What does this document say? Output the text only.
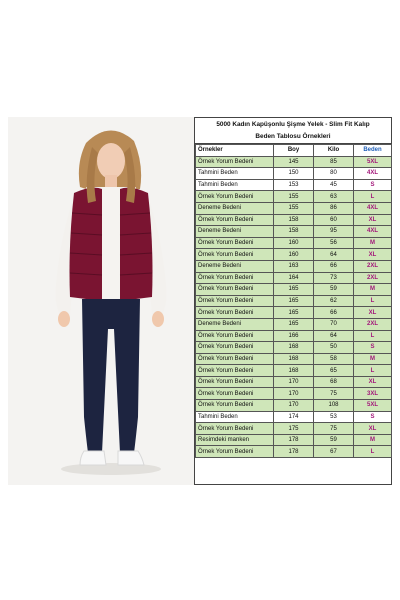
5000 Kadın Kapüşonlu Şişme Yelek - Slim Fit Kalıp
Beden Tablosu Örnekleri
Örnekler	Boy	Kilo	Beden
Örnek Yorum Bedeni	145	85	5XL
Tahmini Beden	150	80	4XL
Tahmini Beden	153	45	S
Örnek Yorum Bedeni	155	63	L
Deneme Bedeni	155	86	4XL
Örnek Yorum Bedeni	158	60	XL
Deneme Bedeni	158	95	4XL
Örnek Yorum Bedeni	160	56	M
Örnek Yorum Bedeni	160	64	XL
Deneme Bedeni	163	66	2XL
Örnek Yorum Bedeni	164	73	2XL
Örnek Yorum Bedeni	165	59	M
Örnek Yorum Bedeni	165	62	L
Örnek Yorum Bedeni	165	66	XL
Deneme Bedeni	165	70	2XL
Örnek Yorum Bedeni	166	64	L
Örnek Yorum Bedeni	168	50	S
Örnek Yorum Bedeni	168	58	M
Örnek Yorum Bedeni	168	65	L
Örnek Yorum Bedeni	170	68	XL
Örnek Yorum Bedeni	170	75	3XL
Örnek Yorum Bedeni	170	108	5XL
Tahmini Beden	174	53	S
Örnek Yorum Bedeni	175	75	XL
Resimdeki manken	178	59	M
Örnek Yorum Bedeni	178	67	L
